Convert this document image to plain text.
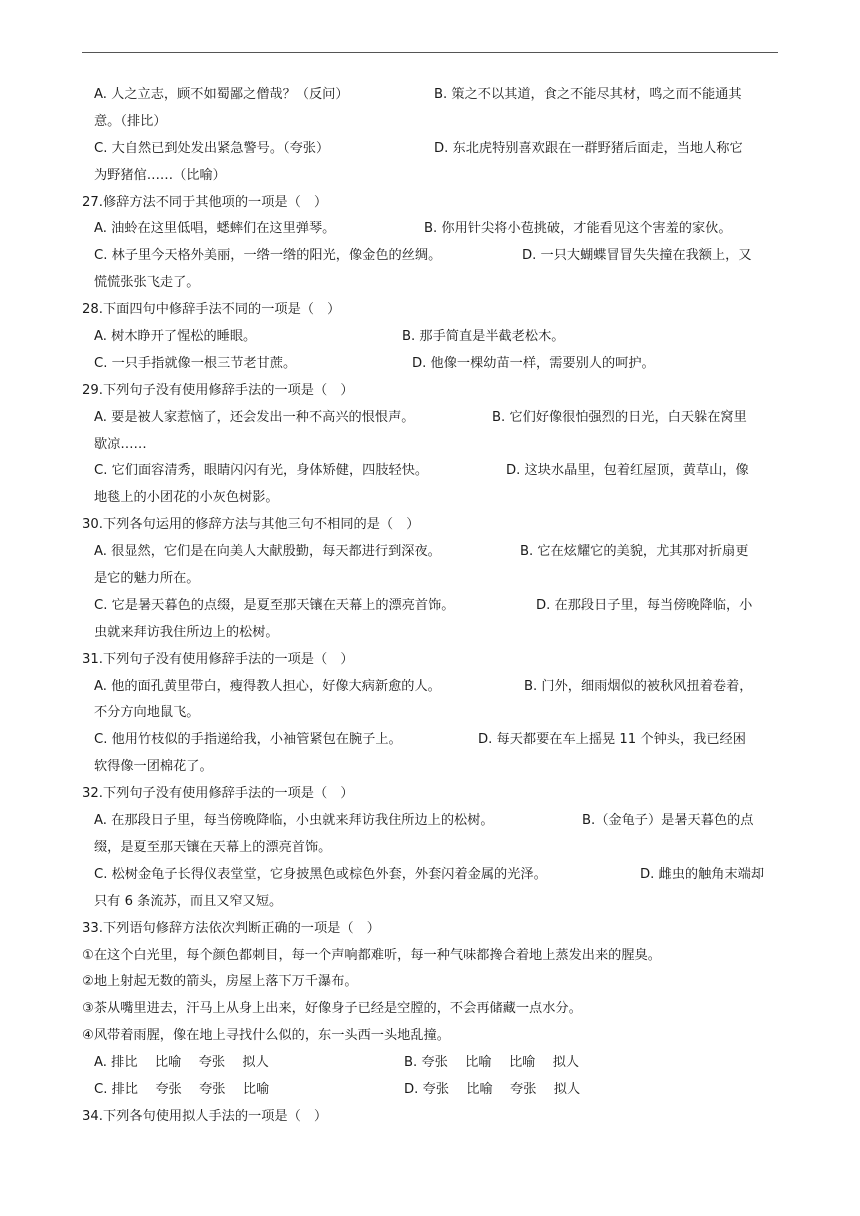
A. 人之立志，顾不如蜀鄙之僧哉？（反问）	B. 策之不以其道，食之不能尽其材，鸣之而不能通其
意。（排比）
C. 大自然已到处发出紧急警号。（夸张）	D. 东北虎特别喜欢跟在一群野猪后面走，当地人称它
为野猪倌……（比喻）
27.修辞方法不同于其他项的一项是（　）
A. 油蛉在这里低唱，蟋蟀们在这里弹琴。	B. 你用针尖将小苞挑破，才能看见这个害羞的家伙。
C. 林子里今天格外美丽，一绺一绺的阳光，像金色的丝绸。	D. 一只大蝴蝶冒冒失失撞在我额上，又
慌慌张张飞走了。
28.下面四句中修辞手法不同的一项是（　）
A. 树木睁开了惺松的睡眼。	B. 那手简直是半截老松木。
C. 一只手指就像一根三节老甘蔗。	D. 他像一棵幼苗一样，需要别人的呵护。
29.下列句子没有使用修辞手法的一项是（　）
A. 要是被人家惹恼了，还会发出一种不高兴的恨恨声。	B. 它们好像很怕强烈的日光，白天躲在窝里
歇凉……
C. 它们面容清秀，眼睛闪闪有光，身体矫健，四肢轻快。	D. 这块水晶里，包着红屋顶，黄草山，像
地毯上的小团花的小灰色树影。
30.下列各句运用的修辞方法与其他三句不相同的是（　）
A. 很显然，它们是在向美人大献殷勤，每天都进行到深夜。	B. 它在炫耀它的美貌，尤其那对折扇更
是它的魅力所在。
C. 它是暑天暮色的点缀，是夏至那天镶在天幕上的漂亮首饰。	D. 在那段日子里，每当傍晚降临，小
虫就来拜访我住所边上的松树。
31.下列句子没有使用修辞手法的一项是（　）
A. 他的面孔黄里带白，瘦得教人担心，好像大病新愈的人。	B. 门外，细雨烟似的被秋风扭着卷着，
不分方向地鼠飞。
C. 他用竹枝似的手指递给我，小袖管紧包在腕子上。	D. 每天都要在车上摇晃 11 个钟头，我已经困
软得像一团棉花了。
32.下列句子没有使用修辞手法的一项是（　）
A. 在那段日子里，每当傍晚降临，小虫就来拜访我住所边上的松树。	B.（金龟子）是暑天暮色的点
缀，是夏至那天镶在天幕上的漂亮首饰。
C. 松树金龟子长得仪表堂堂，它身披黑色或棕色外套，外套闪着金属的光泽。	D. 雌虫的触角末端却
只有 6 条流苏，而且又窄又短。
33.下列语句修辞方法依次判断正确的一项是（　）
①在这个白光里，每个颜色都刺目，每一个声响都难听，每一种气味都搀合着地上蒸发出来的腥臭。
②地上射起无数的箭头，房屋上落下万千瀑布。
③茶从嘴里进去，汗马上从身上出来，好像身子已经是空膛的，不会再储藏一点水分。
④风带着雨腥，像在地上寻找什么似的，东一头西一头地乱撞。
A. 排比　 比喻　 夸张　 拟人	B. 夸张　 比喻　 比喻　 拟人
C. 排比　 夸张　 夸张　 比喻	D. 夸张　 比喻　 夸张　 拟人
34.下列各句使用拟人手法的一项是（　）
